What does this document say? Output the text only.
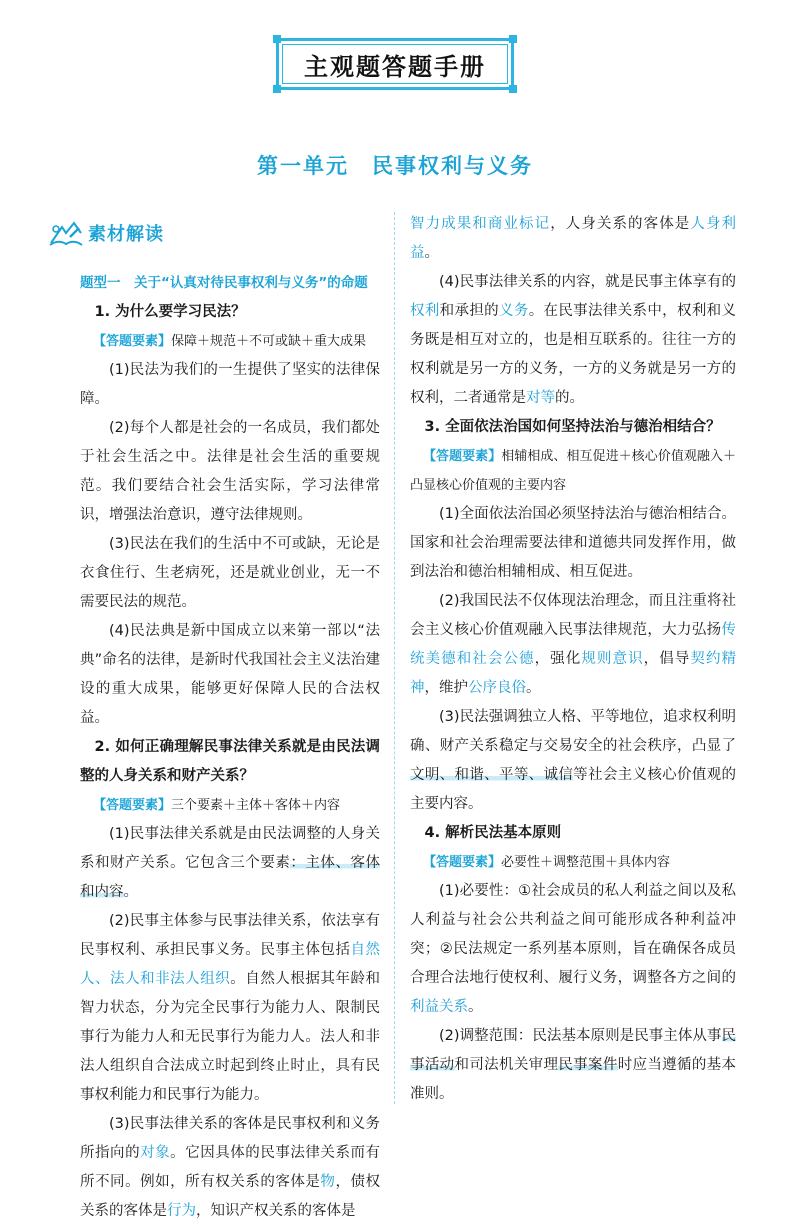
主观题答题手册
第一单元　民事权利与义务
素材解读
题型一　关于“认真对待民事权利与义务”的命题

1. 为什么要学习民法？

【答题要素】保障＋规范＋不可或缺＋重大成果

(1)民法为我们的一生提供了坚实的法律保障。

(2)每个人都是社会的一名成员，我们都处于社会生活之中。法律是社会生活的重要规范。我们要结合社会生活实际，学习法律常识，增强法治意识，遵守法律规则。

(3)民法在我们的生活中不可或缺，无论是衣食住行、生老病死，还是就业创业，无一不需要民法的规范。

(4)民法典是新中国成立以来第一部以“法典”命名的法律，是新时代我国社会主义法治建设的重大成果，能够更好保障人民的合法权益。

2. 如何正确理解民事法律关系就是由民法调整的人身关系和财产关系？

【答题要素】三个要素＋主体＋客体＋内容

(1)民事法律关系就是由民法调整的人身关系和财产关系。它包含三个要素：主体、客体和内容。

(2)民事主体参与民事法律关系，依法享有民事权利、承担民事义务。民事主体包括自然人、法人和非法人组织。自然人根据其年龄和智力状态，分为完全民事行为能力人、限制民事行为能力人和无民事行为能力人。法人和非法人组织自合法成立时起到终止时止，具有民事权利能力和民事行为能力。

(3)民事法律关系的客体是民事权利和义务所指向的对象。它因具体的民事法律关系而有所不同。例如，所有权关系的客体是物，债权关系的客体是行为，知识产权关系的客体是

智力成果和商业标记，人身关系的客体是人身利益。

(4)民事法律关系的内容，就是民事主体享有的权利和承担的义务。在民事法律关系中，权利和义务既是相互对立的，也是相互联系的。往往一方的权利就是另一方的义务，一方的义务就是另一方的权利，二者通常是对等的。

3. 全面依法治国如何坚持法治与德治相结合？

【答题要素】相辅相成、相互促进＋核心价值观融入＋凸显核心价值观的主要内容

(1)全面依法治国必须坚持法治与德治相结合。国家和社会治理需要法律和道德共同发挥作用，做到法治和德治相辅相成、相互促进。

(2)我国民法不仅体现法治理念，而且注重将社会主义核心价值观融入民事法律规范，大力弘扬传统美德和社会公德，强化规则意识，倡导契约精神，维护公序良俗。

(3)民法强调独立人格、平等地位，追求权利明确、财产关系稳定与交易安全的社会秩序，凸显了文明、和谐、平等、诚信等社会主义核心价值观的主要内容。

4. 解析民法基本原则

【答题要素】必要性＋调整范围＋具体内容

(1)必要性：①社会成员的私人利益之间以及私人利益与社会公共利益之间可能形成各种利益冲突；②民法规定一系列基本原则，旨在确保各成员合理合法地行使权利、履行义务，调整各方之间的利益关系。

(2)调整范围：民法基本原则是民事主体从事民事活动和司法机关审理民事案件时应当遵循的基本准则。
